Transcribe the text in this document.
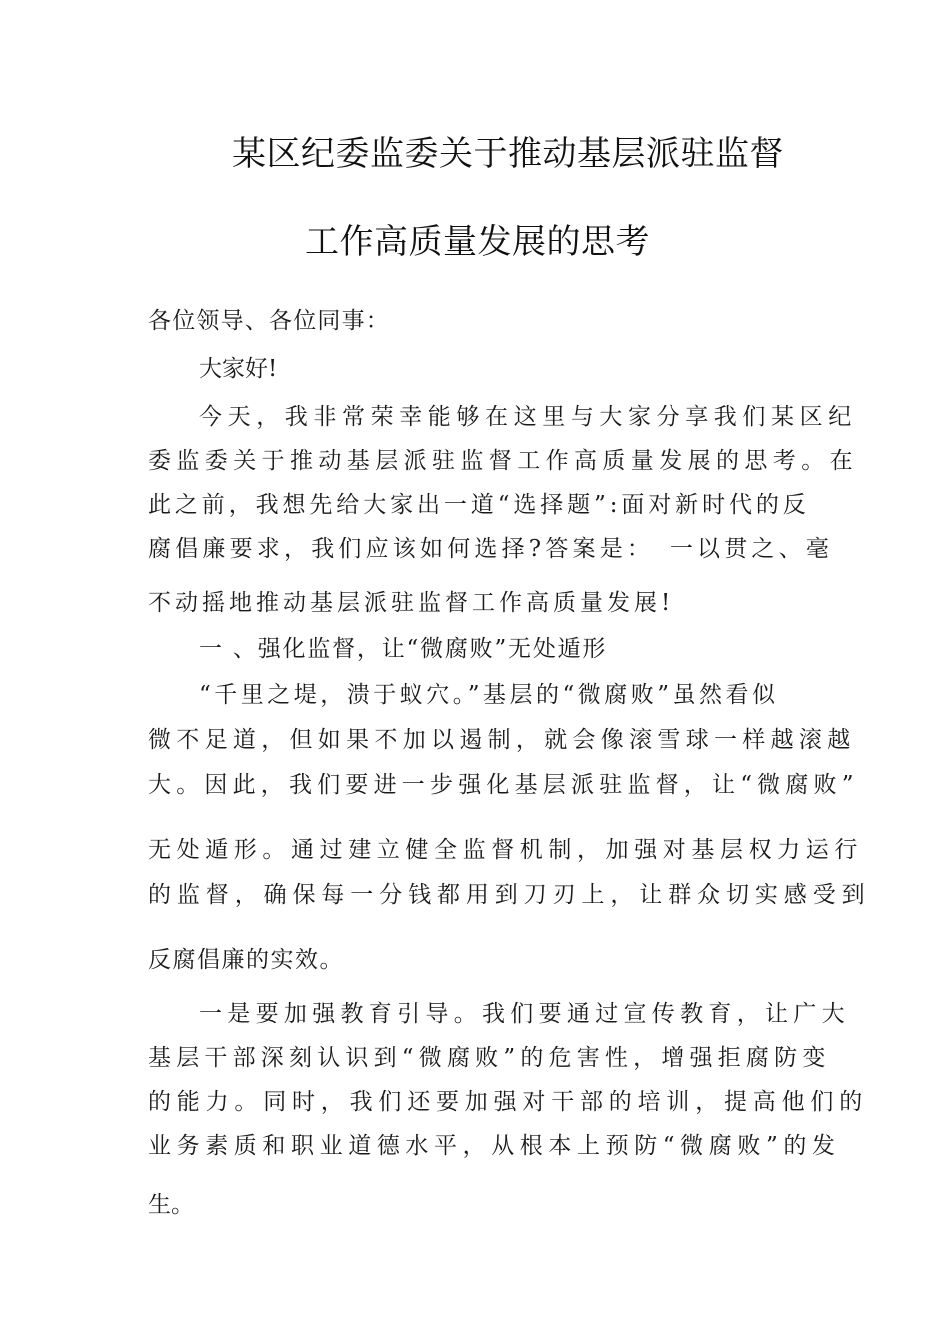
某区纪委监委关于推动基层派驻监督
工作高质量发展的思考
各位领导、各位同事：
大家好!
今天，我非常荣幸能够在这里与大家分享我们某区纪
委监委关于推动基层派驻监督工作高质量发展的思考。在
此之前，我想先给大家出一道“选择题”:面对新时代的反
腐倡廉要求，我们应该如何选择?答案是：　一以贯之、毫
不动摇地推动基层派驻监督工作高质量发展!
一 、强化监督，让“微腐败”无处遁形
“千里之堤，溃于蚁穴。”基层的“微腐败”虽然看似
微不足道，但如果不加以遏制，就会像滚雪球一样越滚越
大。因此，我们要进一步强化基层派驻监督，让“微腐败”
无处遁形。通过建立健全监督机制，加强对基层权力运行
的监督，确保每一分钱都用到刀刃上，让群众切实感受到
反腐倡廉的实效。
一是要加强教育引导。我们要通过宣传教育，让广大
基层干部深刻认识到“微腐败”的危害性，增强拒腐防变
的能力。同时，我们还要加强对干部的培训，提高他们的
业务素质和职业道德水平，从根本上预防“微腐败”的发
生。
